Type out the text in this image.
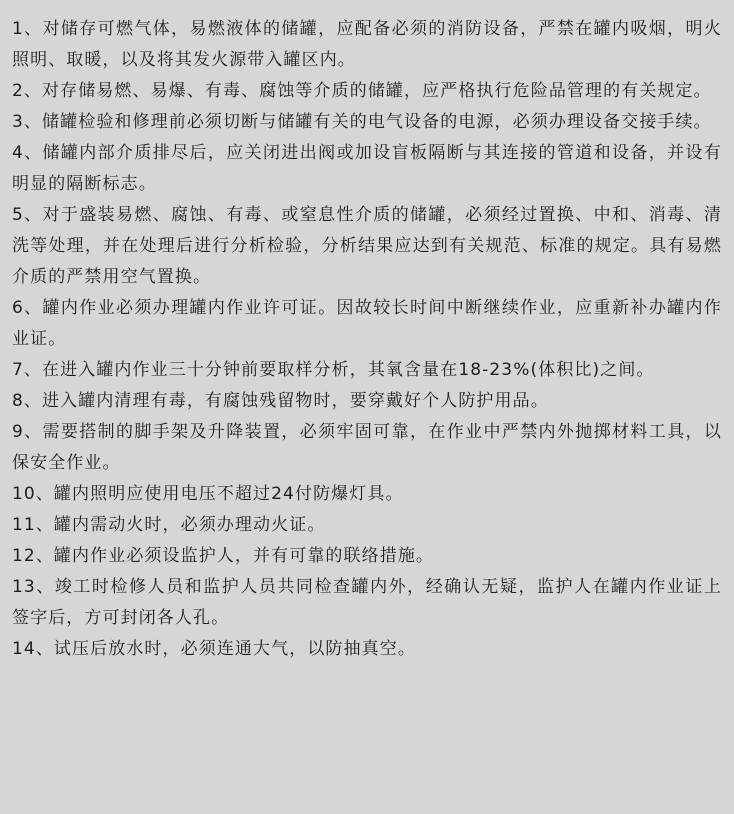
1、对储存可燃气体，易燃液体的储罐，应配备必须的消防设备，严禁在罐内吸烟，明火照明、取暖，以及将其发火源带入罐区内。

2、对存储易燃、易爆、有毒、腐蚀等介质的储罐，应严格执行危险品管理的有关规定。

3、储罐检验和修理前必须切断与储罐有关的电气设备的电源，必须办理设备交接手续。

4、储罐内部介质排尽后，应关闭进出阀或加设盲板隔断与其连接的管道和设备，并设有明显的隔断标志。

5、对于盛装易燃、腐蚀、有毒、或窒息性介质的储罐，必须经过置换、中和、消毒、清洗等处理，并在处理后进行分析检验，分析结果应达到有关规范、标准的规定。具有易燃介质的严禁用空气置换。

6、罐内作业必须办理罐内作业许可证。因故较长时间中断继续作业，应重新补办罐内作业证。

7、在进入罐内作业三十分钟前要取样分析，其氧含量在18-23%(体积比)之间。

8、进入罐内清理有毒，有腐蚀残留物时，要穿戴好个人防护用品。

9、需要搭制的脚手架及升降装置，必须牢固可靠，在作业中严禁内外抛掷材料工具，以保安全作业。

10、罐内照明应使用电压不超过24付防爆灯具。

11、罐内需动火时，必须办理动火证。

12、罐内作业必须设监护人，并有可靠的联络措施。

13、竣工时检修人员和监护人员共同检查罐内外，经确认无疑，监护人在罐内作业证上签字后，方可封闭各人孔。

14、试压后放水时，必须连通大气，以防抽真空。
